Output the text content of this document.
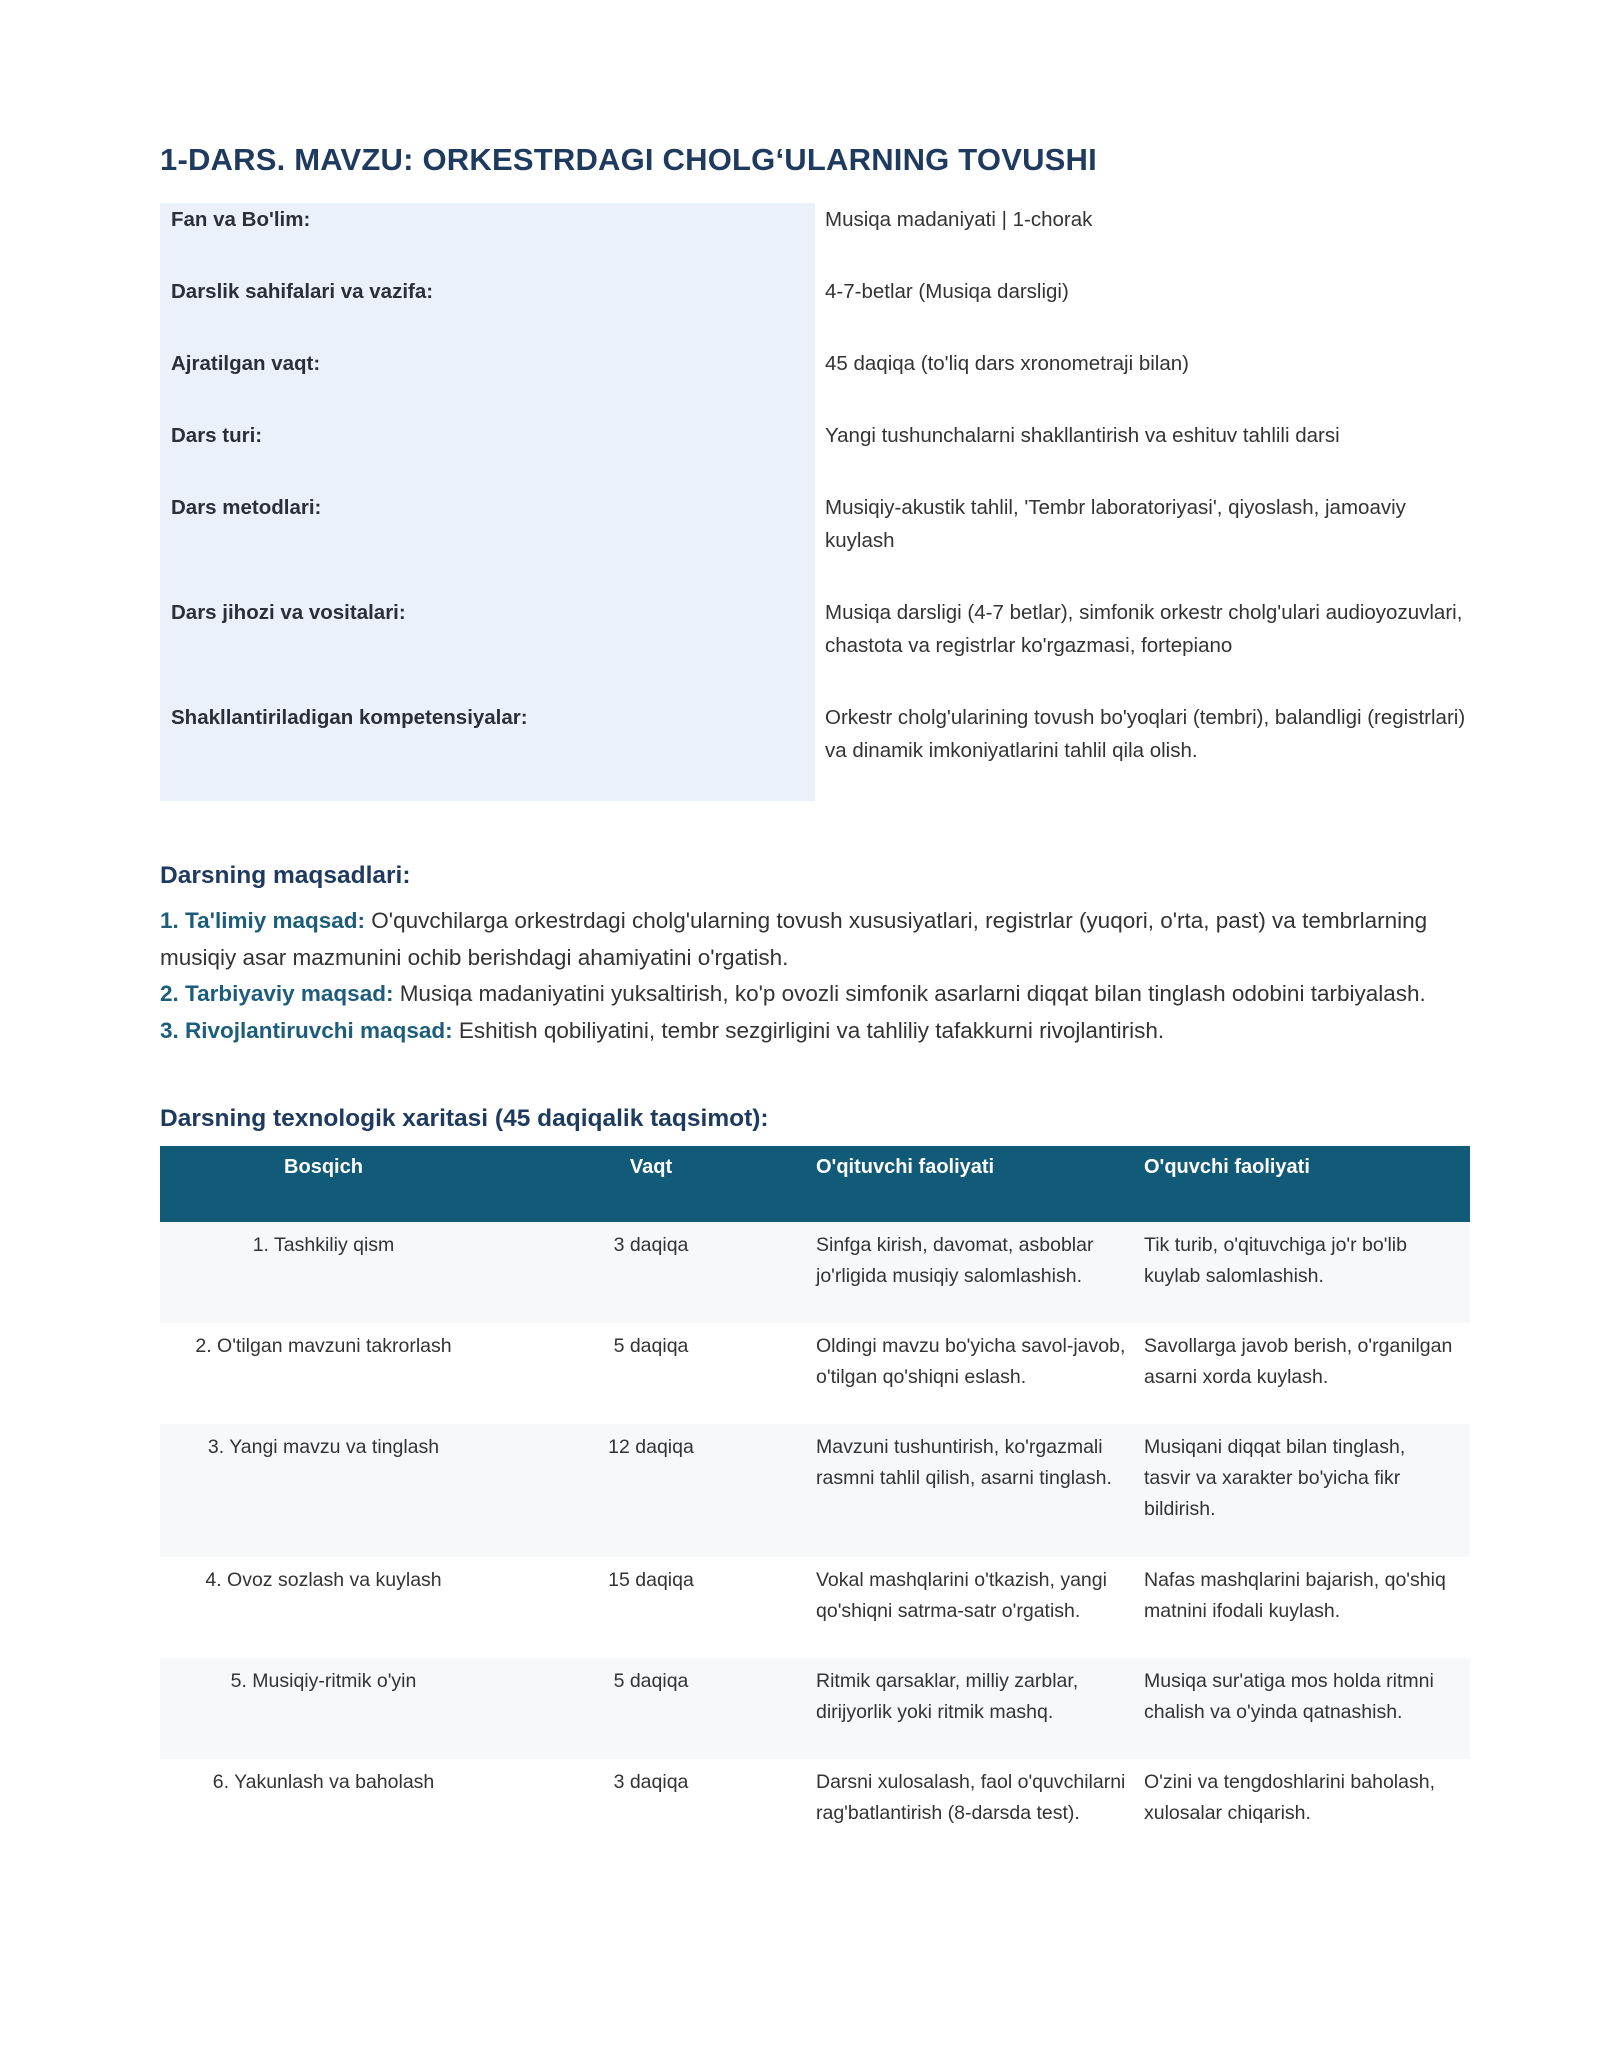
1-DARS. MAVZU: ORKESTRDAGI CHOLG‘ULARNING TOVUSHI
Fan va Bo'lim:	Musiqa madaniyati | 1-chorak
Darslik sahifalari va vazifa:	4-7-betlar (Musiqa darsligi)
Ajratilgan vaqt:	45 daqiqa (to'liq dars xronometraji bilan)
Dars turi:	Yangi tushunchalarni shakllantirish va eshituv tahlili darsi
Dars metodlari:	Musiqiy-akustik tahlil, 'Tembr laboratoriyasi', qiyoslash, jamoaviy kuylash
Dars jihozi va vositalari:	Musiqa darsligi (4-7 betlar), simfonik orkestr cholg'ulari audioyozuvlari, chastota va registrlar ko'rgazmasi, fortepiano
Shakllantiriladigan kompetensiyalar:	Orkestr cholg'ularining tovush bo'yoqlari (tembri), balandligi (registrlari) va dinamik imkoniyatlarini tahlil qila olish.
Darsning maqsadlari:

1. Ta'limiy maqsad: O'quvchilarga orkestrdagi cholg'ularning tovush xususiyatlari, registrlar (yuqori, o'rta, past) va tembrlarning musiqiy asar mazmunini ochib berishdagi ahamiyatini o'rgatish.

2. Tarbiyaviy maqsad: Musiqa madaniyatini yuksaltirish, ko'p ovozli simfonik asarlarni diqqat bilan tinglash odobini tarbiyalash.

3. Rivojlantiruvchi maqsad: Eshitish qobiliyatini, tembr sezgirligini va tahliliy tafakkurni rivojlantirish.

Darsning texnologik xaritasi (45 daqiqalik taqsimot):
Bosqich	Vaqt	O'qituvchi faoliyati	O'quvchi faoliyati
1. Tashkiliy qism	3 daqiqa	Sinfga kirish, davomat, asboblar jo'rligida musiqiy salomlashish.	Tik turib, o'qituvchiga jo'r bo'lib kuylab salomlashish.
2. O'tilgan mavzuni takrorlash	5 daqiqa	Oldingi mavzu bo'yicha savol-javob, o'tilgan qo'shiqni eslash.	Savollarga javob berish, o'rganilgan asarni xorda kuylash.
3. Yangi mavzu va tinglash	12 daqiqa	Mavzuni tushuntirish, ko'rgazmali rasmni tahlil qilish, asarni tinglash.	Musiqani diqqat bilan tinglash, tasvir va xarakter bo'yicha fikr bildirish.
4. Ovoz sozlash va kuylash	15 daqiqa	Vokal mashqlarini o'tkazish, yangi qo'shiqni satrma-satr o'rgatish.	Nafas mashqlarini bajarish, qo'shiq matnini ifodali kuylash.
5. Musiqiy-ritmik o'yin	5 daqiqa	Ritmik qarsaklar, milliy zarblar, dirijyorlik yoki ritmik mashq.	Musiqa sur'atiga mos holda ritmni chalish va o'yinda qatnashish.
6. Yakunlash va baholash	3 daqiqa	Darsni xulosalash, faol o'quvchilarni rag'batlantirish (8-darsda test).	O'zini va tengdoshlarini baholash, xulosalar chiqarish.
